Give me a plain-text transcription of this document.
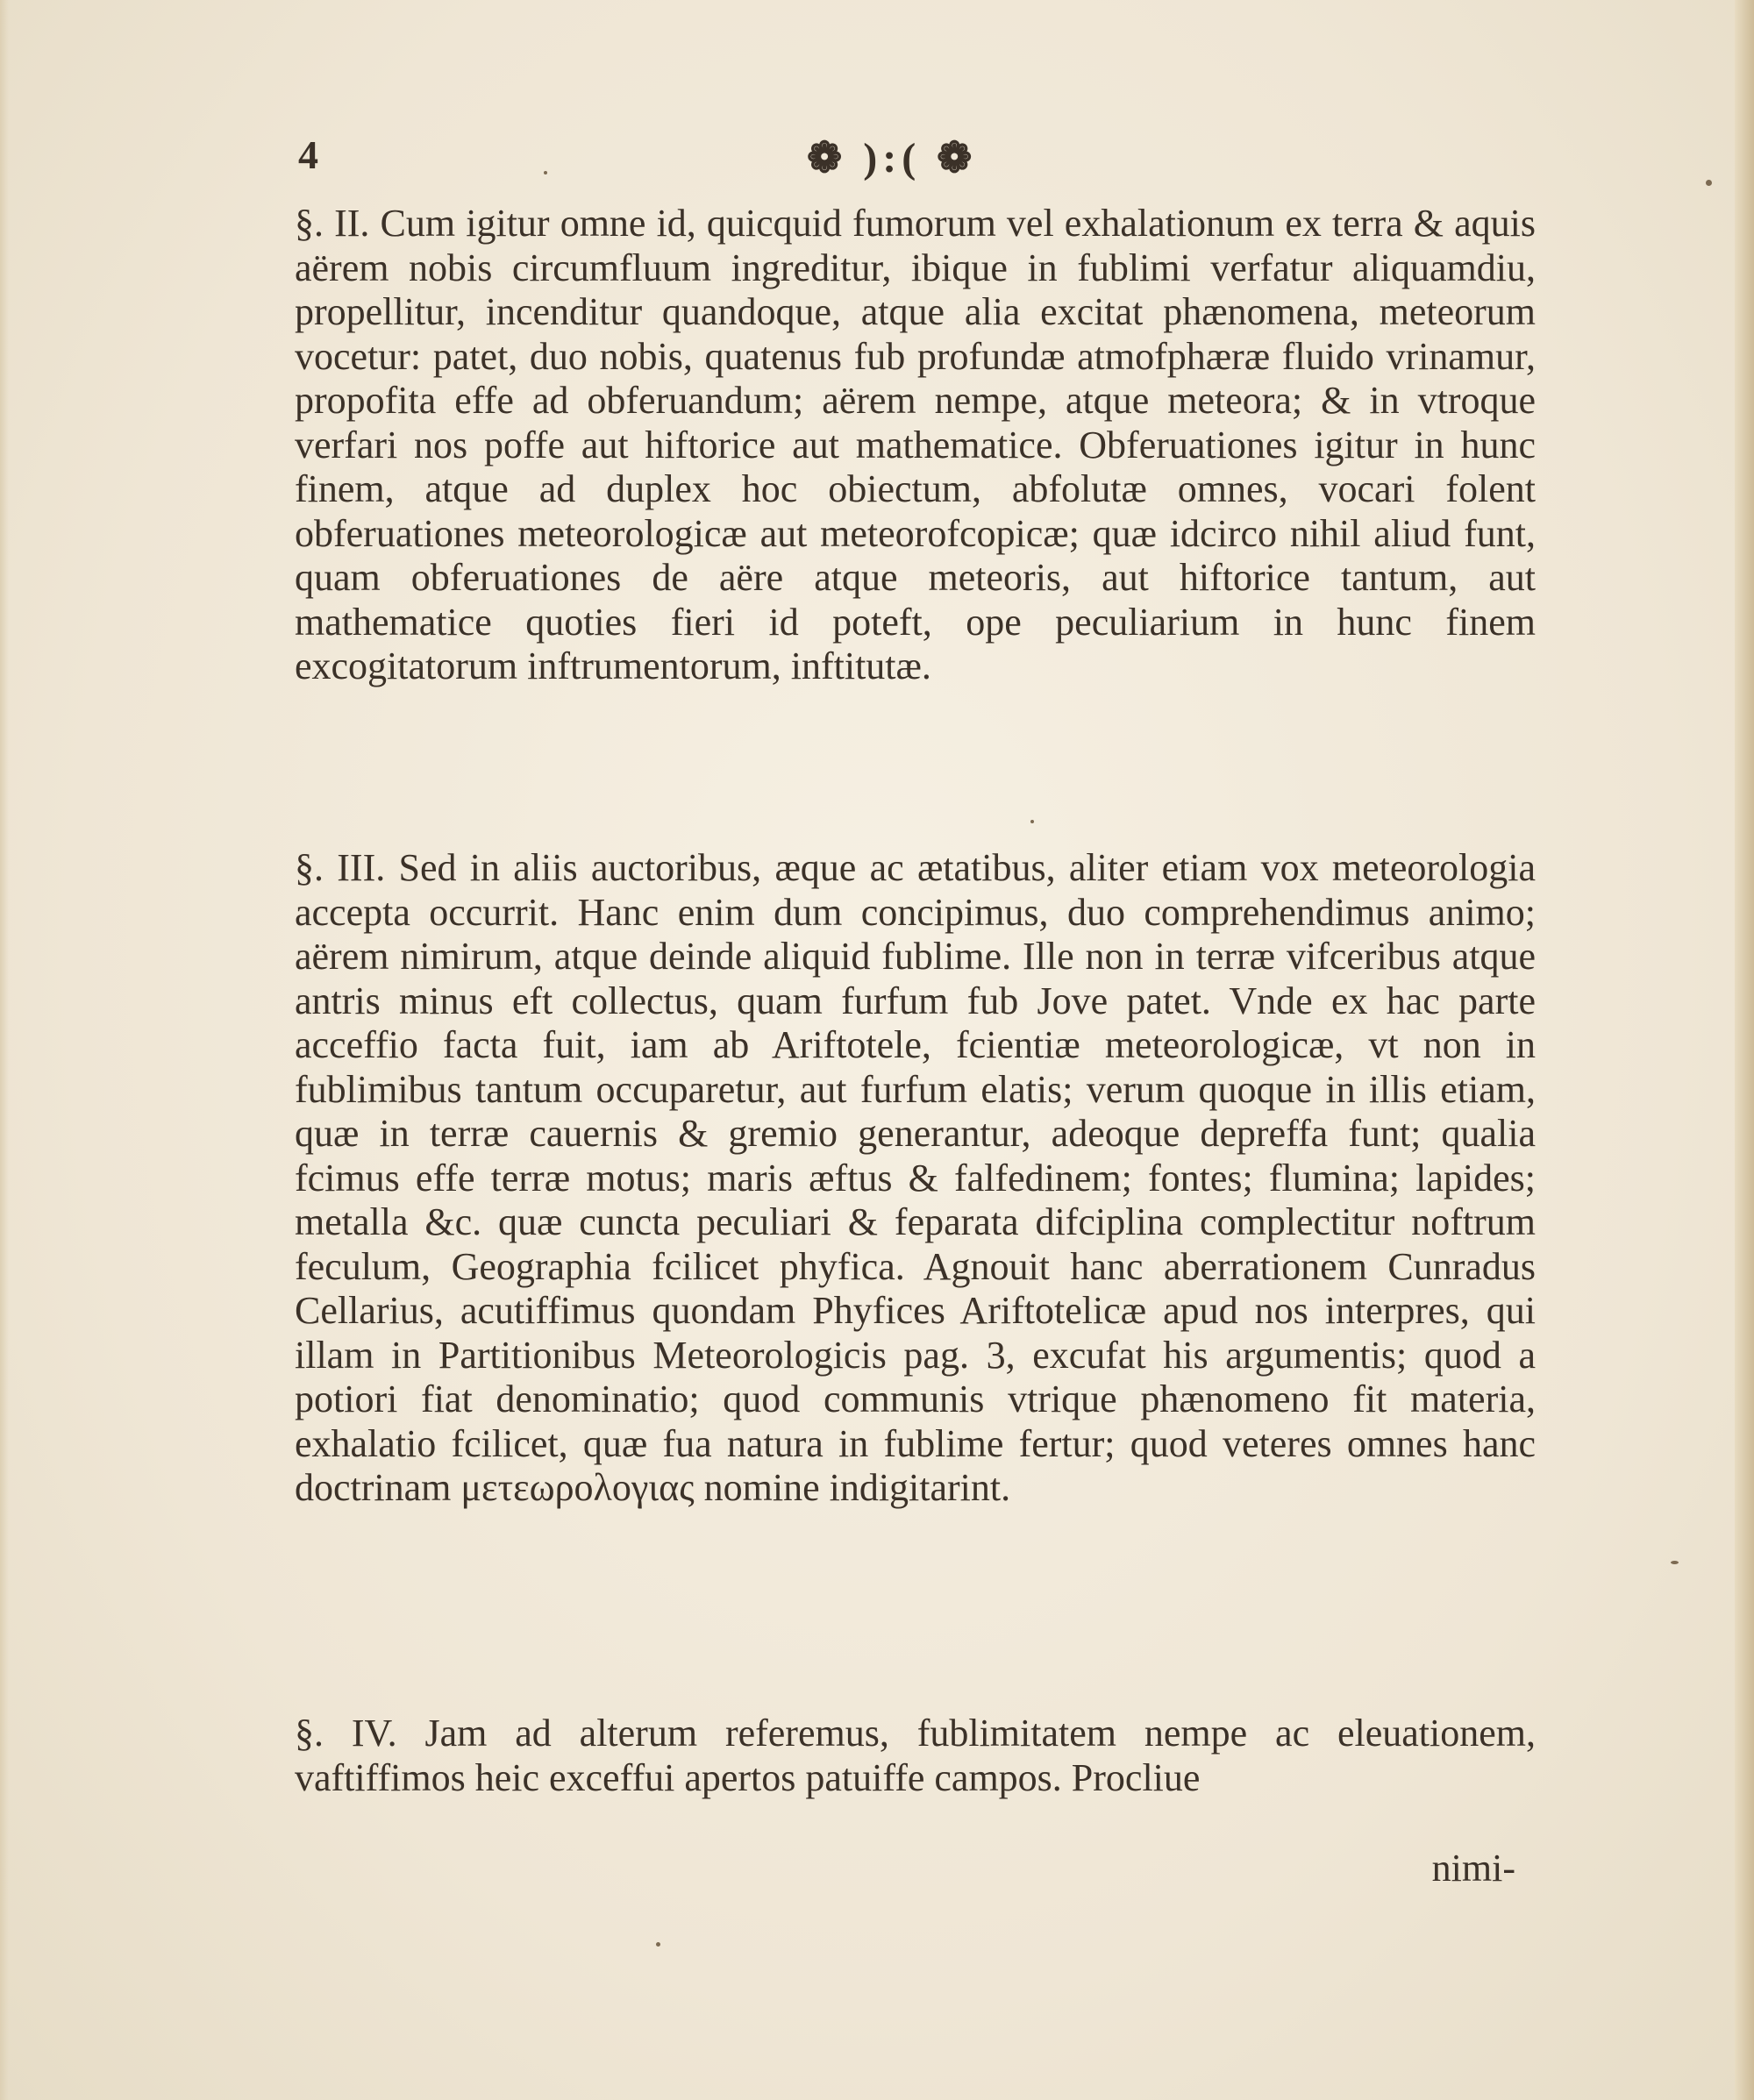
4	❁ ):( ❁

§. II. Cum igitur omne id, quicquid fumorum vel exhalationum ex terra & aquis aërem nobis circumfluum ingreditur, ibique in fublimi verfatur aliquamdiu, propellitur, incenditur quandoque, atque alia excitat phænomena, meteorum vocetur: patet, duo nobis, quatenus fub profundæ atmofphæræ fluido vrinamur, propofita effe ad obferuandum; aërem nempe, atque meteora; & in vtroque verfari nos poffe aut hiftorice aut mathematice. Obferuationes igitur in hunc finem, atque ad duplex hoc obiectum, abfolutæ omnes, vocari folent obferuationes meteorologicæ aut meteorofcopicæ; quæ idcirco nihil aliud funt, quam obferuationes de aëre atque meteoris, aut hiftorice tantum, aut mathematice quoties fieri id poteft, ope peculiarium in hunc finem excogitatorum inftrumentorum, inftitutæ.

§. III. Sed in aliis auctoribus, æque ac ætatibus, aliter etiam vox meteorologia accepta occurrit. Hanc enim dum concipimus, duo comprehendimus animo; aërem nimirum, atque deinde aliquid fublime. Ille non in terræ vifceribus atque antris minus eft collectus, quam furfum fub Jove patet. Vnde ex hac parte acceffio facta fuit, iam ab Ariftotele, fcientiæ meteorologicæ, vt non in fublimibus tantum occuparetur, aut furfum elatis; verum quoque in illis etiam, quæ in terræ cauernis & gremio generantur, adeoque depreffa funt; qualia fcimus effe terræ motus; maris æftus & falfedinem; fontes; flumina; lapides; metalla &c. quæ cuncta peculiari & feparata difciplina complectitur noftrum feculum, Geographia fcilicet phyfica. Agnouit hanc aberrationem Cunradus Cellarius, acutiffimus quondam Phyfices Ariftotelicæ apud nos interpres, qui illam in Partitionibus Meteorologicis pag. 3, excufat his argumentis; quod a potiori fiat denominatio; quod communis vtrique phænomeno fit materia, exhalatio fcilicet, quæ fua natura in fublime fertur; quod veteres omnes hanc doctrinam μετεωρολογιας nomine indigitarint.

§. IV. Jam ad alterum referemus, fublimitatem nempe ac eleuationem, vaftiffimos heic exceffui apertos patuiffe campos. Procliue

nimi-
